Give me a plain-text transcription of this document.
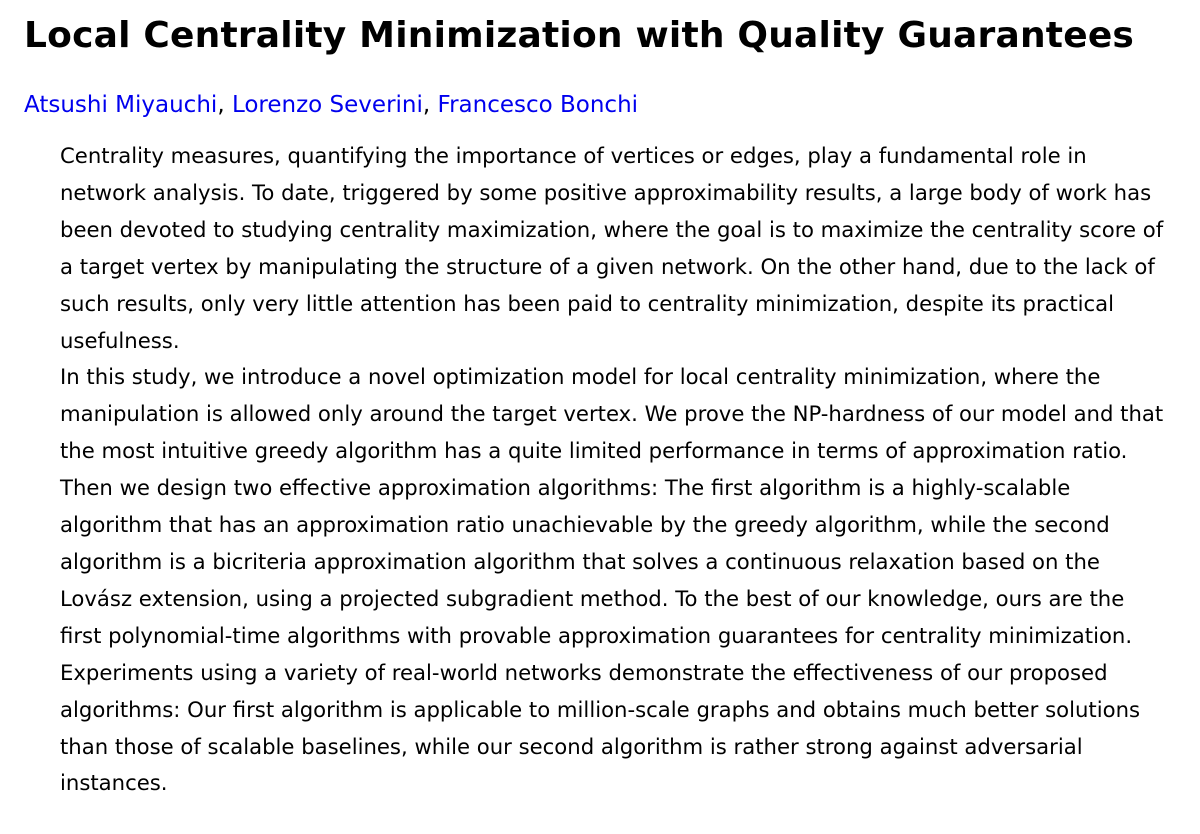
Local Centrality Minimization with Quality Guarantees
Atsushi Miyauchi, Lorenzo Severini, Francesco Bonchi

Centrality measures, quantifying the importance of vertices or edges, play a fundamental role in network analysis. To date, triggered by some positive approximability results, a large body of work has been devoted to studying centrality maximization, where the goal is to maximize the centrality score of a target vertex by manipulating the structure of a given network. On the other hand, due to the lack of such results, only very little attention has been paid to centrality minimization, despite its practical usefulness.

In this study, we introduce a novel optimization model for local centrality minimization, where the manipulation is allowed only around the target vertex. We prove the NP-hardness of our model and that the most intuitive greedy algorithm has a quite limited performance in terms of approximation ratio. Then we design two effective approximation algorithms: The first algorithm is a highly-scalable algorithm that has an approximation ratio unachievable by the greedy algorithm, while the second algorithm is a bicriteria approximation algorithm that solves a continuous relaxation based on the Lovász extension, using a projected subgradient method. To the best of our knowledge, ours are the first polynomial-time algorithms with provable approximation guarantees for centrality minimization. Experiments using a variety of real-world networks demonstrate the effectiveness of our proposed algorithms: Our first algorithm is applicable to million-scale graphs and obtains much better solutions than those of scalable baselines, while our second algorithm is rather strong against adversarial instances.
